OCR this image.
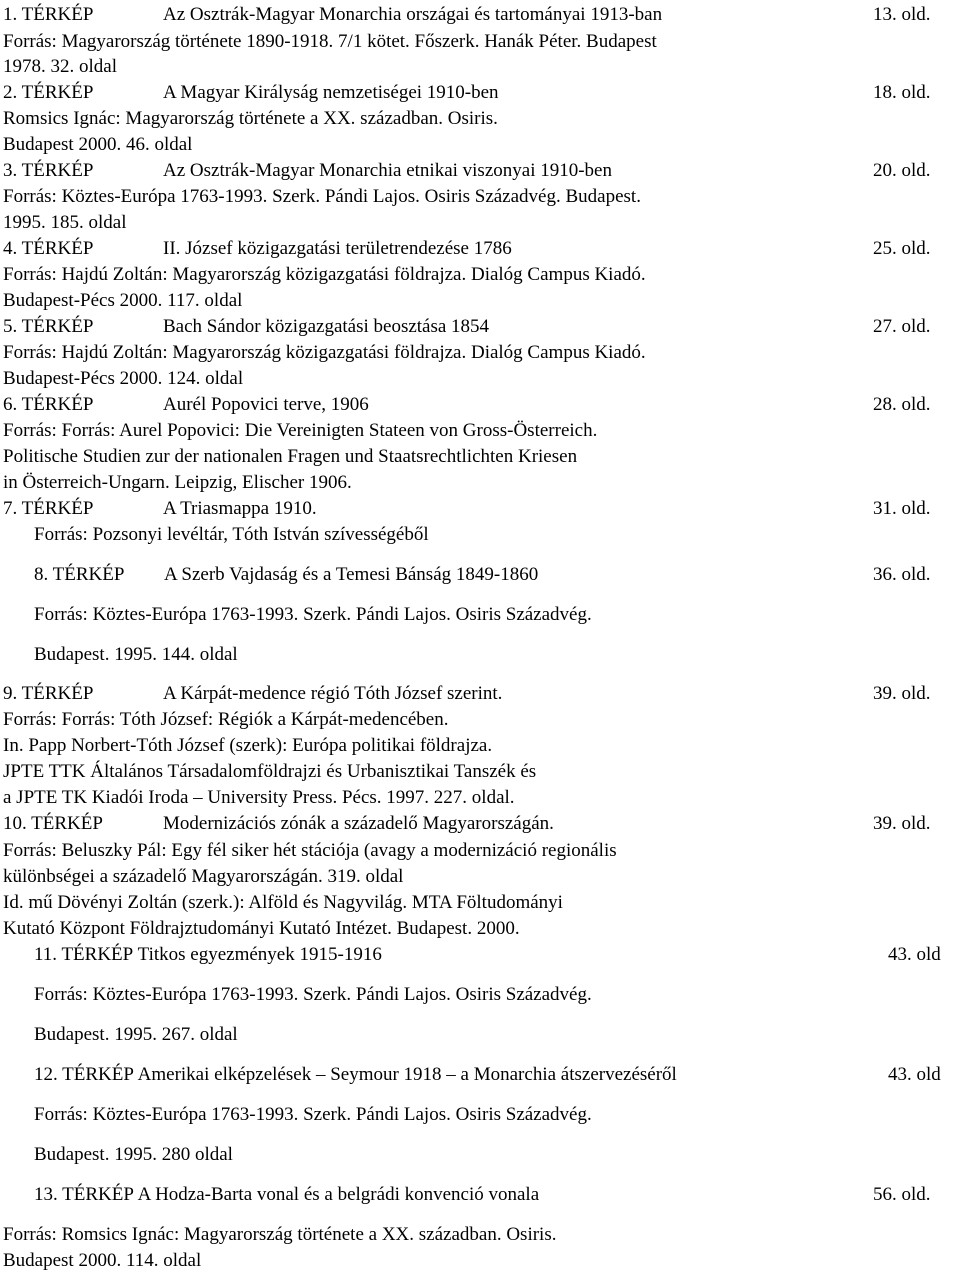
1. TÉRKÉP	Az Osztrák-Magyar Monarchia országai és tartományai 1913-ban	13. old.
Forrás: Magyarország története 1890-1918. 7/1 kötet. Főszerk. Hanák Péter. Budapest
1978. 32. oldal
2. TÉRKÉP	A Magyar Királyság nemzetiségei 1910-ben	18. old.
Romsics Ignác: Magyarország története a XX. században. Osiris.
Budapest 2000. 46. oldal
3. TÉRKÉP	Az Osztrák-Magyar Monarchia etnikai viszonyai 1910-ben	20. old.
Forrás: Köztes-Európa 1763-1993. Szerk. Pándi Lajos. Osiris Századvég. Budapest.
1995. 185. oldal
4. TÉRKÉP	II. József közigazgatási területrendezése 1786	25. old.
Forrás: Hajdú Zoltán: Magyarország közigazgatási földrajza. Dialóg Campus Kiadó.
Budapest-Pécs 2000. 117. oldal
5. TÉRKÉP	Bach Sándor közigazgatási beosztása 1854	27. old.
Forrás: Hajdú Zoltán: Magyarország közigazgatási földrajza. Dialóg Campus Kiadó.
Budapest-Pécs 2000. 124. oldal
6. TÉRKÉP	Aurél Popovici terve, 1906	28. old.
Forrás: Forrás: Aurel Popovici: Die Vereinigten Stateen von Gross-Österreich.
Politische Studien zur der nationalen Fragen und Staatsrechtlichten Kriesen
in Österreich-Ungarn. Leipzig, Elischer 1906.
7. TÉRKÉP	A Triasmappa 1910.	31. old.
Forrás: Pozsonyi levéltár, Tóth István szívességéből
8. TÉRKÉP A Szerb Vajdaság és a Temesi Bánság 1849-1860	36. old.
Forrás: Köztes-Európa 1763-1993. Szerk. Pándi Lajos. Osiris Századvég.
Budapest. 1995. 144. oldal
9. TÉRKÉP	A Kárpát-medence régió Tóth József szerint.	39. old.
Forrás: Forrás: Tóth József: Régiók a Kárpát-medencében.
In. Papp Norbert-Tóth József (szerk): Európa politikai földrajza.
JPTE TTK Általános Társadalomföldrajzi és Urbanisztikai Tanszék és
a JPTE TK Kiadói Iroda – University Press. Pécs. 1997. 227. oldal.
10. TÉRKÉP	Modernizációs zónák a századelő Magyarországán.	39. old.
Forrás: Beluszky Pál: Egy fél siker hét stációja (avagy a modernizáció regionális
különbségei a századelő Magyarországán. 319. oldal
Id. mű Dövényi Zoltán (szerk.): Alföld és Nagyvilág. MTA Föltudományi
Kutató Központ Földrajztudományi Kutató Intézet. Budapest. 2000.
11. TÉRKÉP Titkos egyezmények 1915-1916	43. old
Forrás: Köztes-Európa 1763-1993. Szerk. Pándi Lajos. Osiris Századvég.
Budapest. 1995. 267. oldal
12. TÉRKÉP Amerikai elképzelések – Seymour 1918 – a Monarchia átszervezéséről	43. old
Forrás: Köztes-Európa 1763-1993. Szerk. Pándi Lajos. Osiris Századvég.
Budapest. 1995. 280 oldal
13. TÉRKÉP A Hodza-Barta vonal és a belgrádi konvenció vonala	56. old.
Forrás: Romsics Ignác: Magyarország története a XX. században. Osiris.
Budapest 2000. 114. oldal
